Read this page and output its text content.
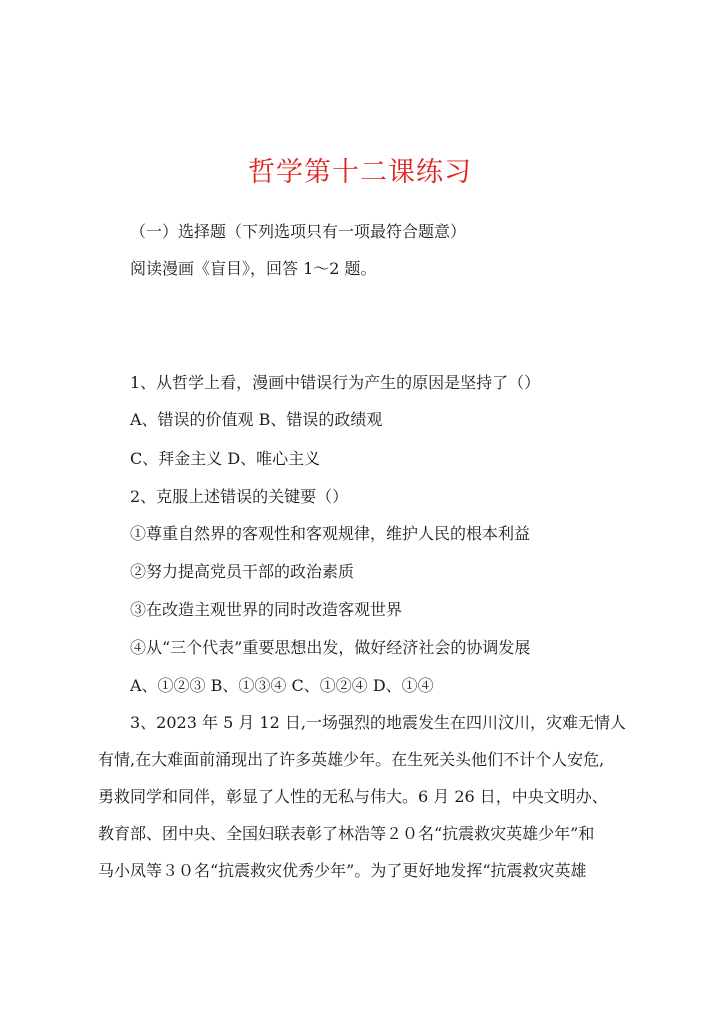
哲学第十二课练习
（一）选择题（下列选项只有一项最符合题意）
阅读漫画《盲目》，回答 1～2 题。
1、从哲学上看，漫画中错误行为产生的原因是坚持了（）
A、错误的价值观 B、错误的政绩观
C、拜金主义 D、唯心主义
2、克服上述错误的关键要（）
①尊重自然界的客观性和客观规律，维护人民的根本利益
②努力提高党员干部的政治素质
③在改造主观世界的同时改造客观世界
④从“三个代表”重要思想出发，做好经济社会的协调发展
A、①②③ B、①③④ C、①②④ D、①④
3、2023 年 5 月 12 日,一场强烈的地震发生在四川汶川，灾难无情人
有情,在大难面前涌现出了许多英雄少年。在生死关头他们不计个人安危,
勇救同学和同伴，彰显了人性的无私与伟大。6 月 26 日，中央文明办、
教育部、团中央、全国妇联表彰了林浩等２０名“抗震救灾英雄少年”和
马小凤等３０名“抗震救灾优秀少年”。为了更好地发挥“抗震救灾英雄
